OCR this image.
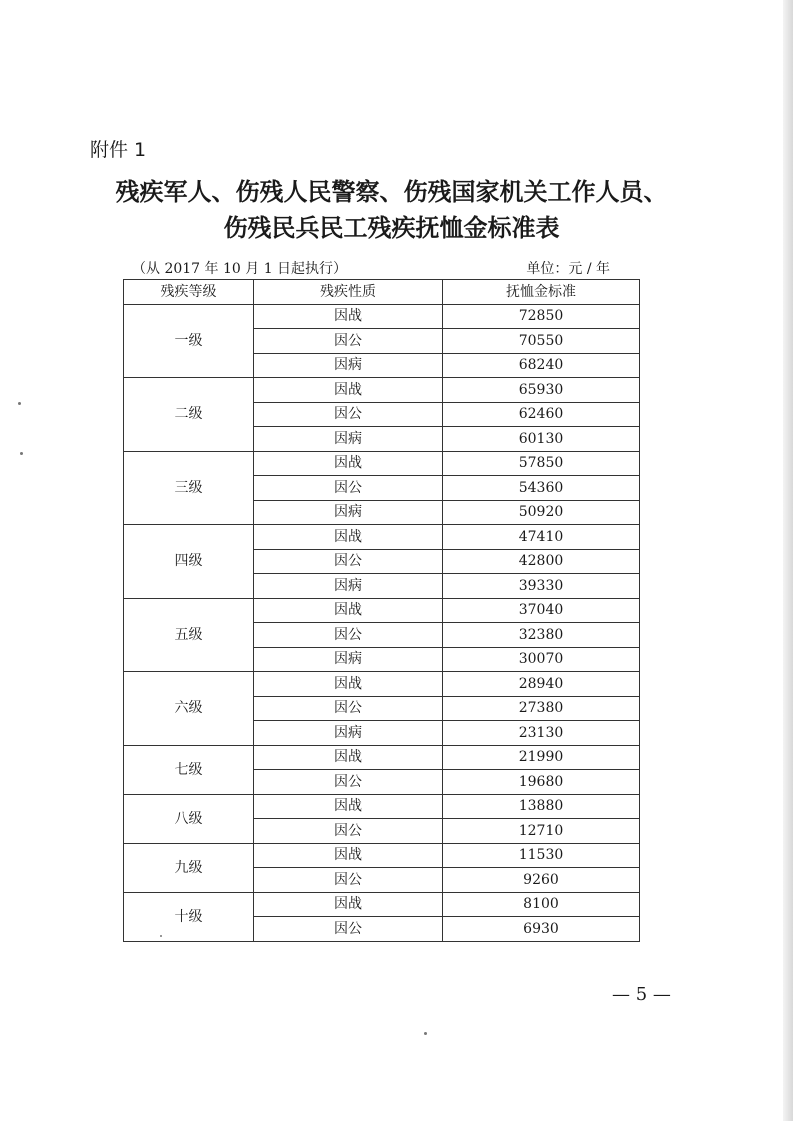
附件 1
残疾军人、伤残人民警察、伤残国家机关工作人员、
伤残民兵民工残疾抚恤金标准表
（从 2017 年 10 月 1 日起执行）	单位：元 / 年
残疾等级	残疾性质	抚恤金标准
一级	因战	72850
	因公	70550
	因病	68240
二级	因战	65930
	因公	62460
	因病	60130
三级	因战	57850
	因公	54360
	因病	50920
四级	因战	47410
	因公	42800
	因病	39330
五级	因战	37040
	因公	32380
	因病	30070
六级	因战	28940
	因公	27380
	因病	23130
七级	因战	21990
	因公	19680
八级	因战	13880
	因公	12710
九级	因战	11530
	因公	9260
十级	因战	8100
	因公	6930
— 5 —
